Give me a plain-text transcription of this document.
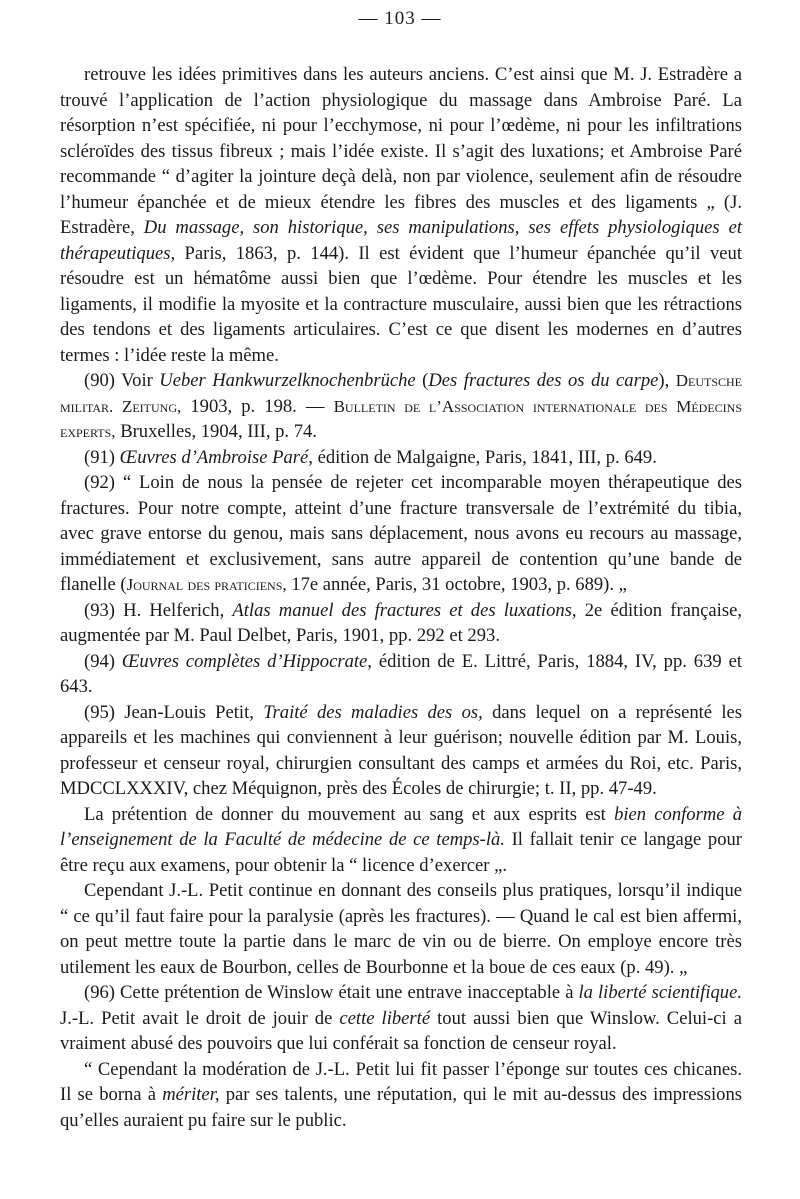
— 103 —

retrouve les idées primitives dans les auteurs anciens. C’est ainsi que M. J. Estradère a trouvé l’application de l’action physiologique du massage dans Ambroise Paré. La résorption n’est spécifiée, ni pour l’ecchymose, ni pour l’œdème, ni pour les infiltrations scléroïdes des tissus fibreux ; mais l’idée existe. Il s’agit des luxations; et Ambroise Paré recommande “ d’agiter la jointure deçà delà, non par violence, seulement afin de résoudre l’humeur épanchée et de mieux étendre les fibres des muscles et des ligaments „ (J. Estradère, Du massage, son historique, ses manipulations, ses effets physiologiques et thérapeutiques, Paris, 1863, p. 144). Il est évident que l’humeur épanchée qu’il veut résoudre est un hématôme aussi bien que l’œdème. Pour étendre les muscles et les ligaments, il modifie la myosite et la contracture musculaire, aussi bien que les rétractions des tendons et des ligaments articulaires. C’est ce que disent les modernes en d’autres termes : l’idée reste la même.

(90) Voir Ueber Hankwurzelknochenbrüche (Des fractures des os du carpe), Deutsche militar. Zeitung, 1903, p. 198. — Bulletin de l’Association internationale des Médecins experts, Bruxelles, 1904, III, p. 74.

(91) Œuvres d’Ambroise Paré, édition de Malgaigne, Paris, 1841, III, p. 649.

(92) “ Loin de nous la pensée de rejeter cet incomparable moyen thérapeutique des fractures. Pour notre compte, atteint d’une fracture transversale de l’extrémité du tibia, avec grave entorse du genou, mais sans déplacement, nous avons eu recours au massage, immédiatement et exclusivement, sans autre appareil de contention qu’une bande de flanelle (Journal des praticiens, 17e année, Paris, 31 octobre, 1903, p. 689). „

(93) H. Helferich, Atlas manuel des fractures et des luxations, 2e édition française, augmentée par M. Paul Delbet, Paris, 1901, pp. 292 et 293.

(94) Œuvres complètes d’Hippocrate, édition de E. Littré, Paris, 1884, IV, pp. 639 et 643.

(95) Jean-Louis Petit, Traité des maladies des os, dans lequel on a représenté les appareils et les machines qui conviennent à leur guérison; nouvelle édition par M. Louis, professeur et censeur royal, chirurgien consultant des camps et armées du Roi, etc. Paris, MDCCLXXXIV, chez Méquignon, près des Écoles de chirurgie; t. II, pp. 47-49.

La prétention de donner du mouvement au sang et aux esprits est bien conforme à l’enseignement de la Faculté de médecine de ce temps-là. Il fallait tenir ce langage pour être reçu aux examens, pour obtenir la “ licence d’exercer „.

Cependant J.-L. Petit continue en donnant des conseils plus pratiques, lorsqu’il indique “ ce qu’il faut faire pour la paralysie (après les fractures). — Quand le cal est bien affermi, on peut mettre toute la partie dans le marc de vin ou de bierre. On employe encore très utilement les eaux de Bourbon, celles de Bourbonne et la boue de ces eaux (p. 49). „

(96) Cette prétention de Winslow était une entrave inacceptable à la liberté scientifique. J.-L. Petit avait le droit de jouir de cette liberté tout aussi bien que Winslow. Celui-ci a vraiment abusé des pouvoirs que lui conférait sa fonction de censeur royal.

“ Cependant la modération de J.-L. Petit lui fit passer l’éponge sur toutes ces chicanes. Il se borna à mériter, par ses talents, une réputation, qui le mit au-dessus des impressions qu’elles auraient pu faire sur le public.
